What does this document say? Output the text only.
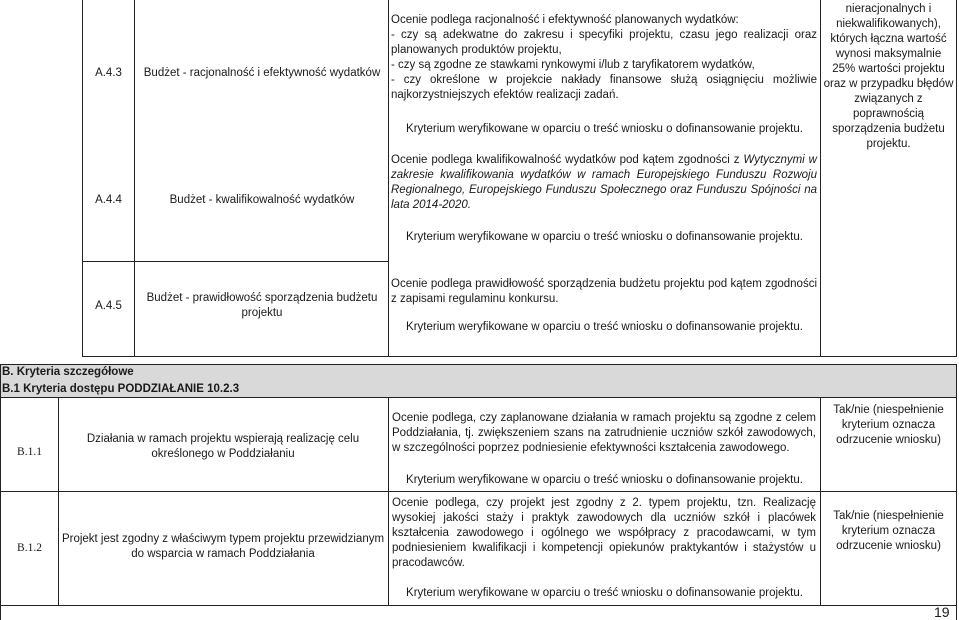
A.4.3	Budżet - racjonalność i efektywność wydatków

Ocenie podlega racjonalność i efektywność planowanych wydatków:

- czy są adekwatne do zakresu i specyfiki projektu, czasu jego realizacji oraz planowanych produktów projektu,

- czy są zgodne ze stawkami rynkowymi i/lub z taryfikatorem wydatków,

- czy określone w projekcie nakłady finansowe służą osiągnięciu możliwie najkorzystniejszych efektów realizacji zadań.

Kryterium weryfikowane w oparciu o treść wniosku o dofinansowanie projektu.
A.4.4	Budżet - kwalifikowalność wydatków
Ocenie podlega kwalifikowalność wydatków pod kątem zgodności z Wytycznymi w zakresie kwalifikowania wydatków w ramach Europejskiego Funduszu Rozwoju Regionalnego, Europejskiego Funduszu Społecznego oraz Funduszu Spójności na lata 2014-2020.
Kryterium weryfikowane w oparciu o treść wniosku o dofinansowanie projektu.
A.4.5
Budżet - prawidłowość sporządzenia budżetu projektu
Ocenie podlega prawidłowość sporządzenia budżetu projektu pod kątem zgodności z zapisami regulaminu konkursu.
Kryterium weryfikowane w oparciu o treść wniosku o dofinansowanie projektu.
nieracjonalnych i niekwalifikowanych), których łączna wartość wynosi maksymalnie 25% wartości projektu oraz w przypadku błędów związanych z poprawnością sporządzenia budżetu projektu.
B. Kryteria szczegółowe
B.1 Kryteria dostępu PODDZIAŁANIE 10.2.3
B.1.1
Działania w ramach projektu wspierają realizację celu określonego w Poddziałaniu
Ocenie podlega, czy zaplanowane działania w ramach projektu są zgodne z celem Poddziałania, tj. zwiększeniem szans na zatrudnienie uczniów szkół zawodowych, w szczególności poprzez podniesienie efektywności kształcenia zawodowego.
Kryterium weryfikowane w oparciu o treść wniosku o dofinansowanie projektu.
Tak/nie (niespełnienie kryterium oznacza odrzucenie wniosku)
B.1.2
Projekt jest zgodny z właściwym typem projektu przewidzianym do wsparcia w ramach Poddziałania
Ocenie podlega, czy projekt jest zgodny z 2. typem projektu, tzn. Realizację wysokiej jakości staży i praktyk zawodowych dla uczniów szkół i placówek kształcenia zawodowego i ogólnego we współpracy z pracodawcami, w tym podniesieniem kwalifikacji i kompetencji opiekunów praktykantów i stażystów u pracodawców.
Kryterium weryfikowane w oparciu o treść wniosku o dofinansowanie projektu.
Tak/nie (niespełnienie kryterium oznacza odrzucenie wniosku)
19
